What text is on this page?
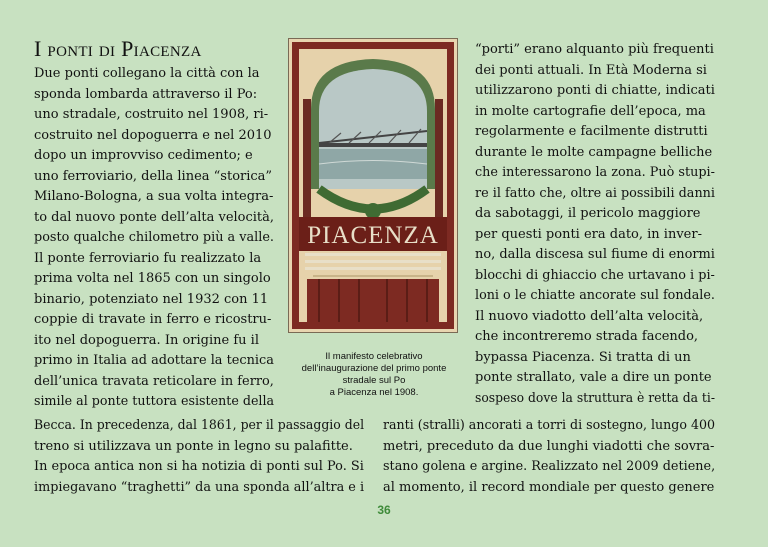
I ponti di Piacenza
Due ponti collegano la città con la
sponda lombarda attraverso il Po:
uno stradale, costruito nel 1908, ri-
costruito nel dopoguerra e nel 2010
dopo un improvviso cedimento; e
uno ferroviario, della linea “storica”
Milano-Bologna, a sua volta integra-
to dal nuovo ponte dell’alta velocità,
posto qualche chilometro più a valle.
Il ponte ferroviario fu realizzato la
prima volta nel 1865 con un singolo
binario, potenziato nel 1932 con 11
coppie di travate in ferro e ricostru-
ito nel dopoguerra. In origine fu il
primo in Italia ad adottare la tecnica
dell’unica travata reticolare in ferro,
simile al ponte tuttora esistente della
“porti” erano alquanto più frequenti
dei ponti attuali. In Età Moderna si
utilizzarono ponti di chiatte, indicati
in molte cartografie dell’epoca, ma
regolarmente e facilmente distrutti
durante le molte campagne belliche
che interessarono la zona. Può stupi-
re il fatto che, oltre ai possibili danni
da sabotaggi, il pericolo maggiore
per questi ponti era dato, in inver-
no, dalla discesa sul fiume di enormi
blocchi di ghiaccio che urtavano i pi-
loni o le chiatte ancorate sul fondale.
Il nuovo viadotto dell’alta velocità,
che incontreremo strada facendo,
bypassa Piacenza. Si tratta di un
ponte strallato, vale a dire un ponte
sospeso dove la struttura è retta da ti-
Becca. In precedenza, dal 1861, per il passaggio del
treno si utilizzava un ponte in legno su palafitte.
In epoca antica non si ha notizia di ponti sul Po. Si
impiegavano “traghetti” da una sponda all’altra e i
ranti (stralli) ancorati a torri di sostegno, lungo 400
metri, preceduto da due lunghi viadotti che sovra-
stano golena e argine. Realizzato nel 2009 detiene,
al momento, il record mondiale per questo genere
PIACENZA
Il manifesto celebrativo
dell’inaugurazione del primo ponte
stradale sul Po
a Piacenza nel 1908.
36
